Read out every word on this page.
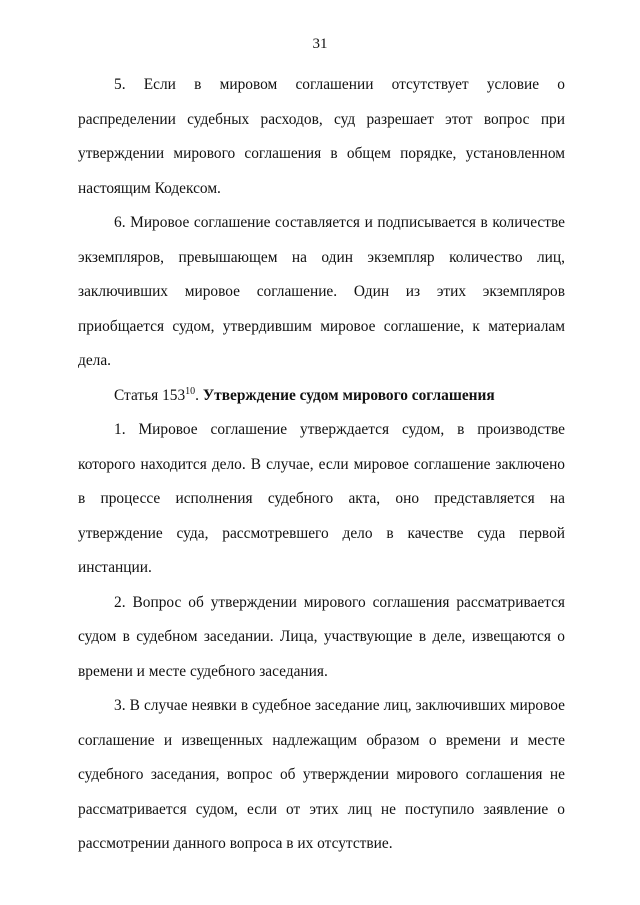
31

5. Если в мировом соглашении отсутствует условие о распределении судебных расходов, суд разрешает этот вопрос при утверждении мирового соглашения в общем порядке, установленном настоящим Кодексом.

6. Мировое соглашение составляется и подписывается в количестве экземпляров, превышающем на один экземпляр количество лиц, заключивших мировое соглашение. Один из этих экземпляров приобщается судом, утвердившим мировое соглашение, к материалам дела.

Статья $153^{10}$. Утверждение судом мирового соглашения

1. Мировое соглашение утверждается судом, в производстве которого находится дело. В случае, если мировое соглашение заключено в процессе исполнения судебного акта, оно представляется на утверждение суда, рассмотревшего дело в качестве суда первой инстанции.

2. Вопрос об утверждении мирового соглашения рассматривается судом в судебном заседании. Лица, участвующие в деле, извещаются о времени и месте судебного заседания.

3. В случае неявки в судебное заседание лиц, заключивших мировое соглашение и извещенных надлежащим образом о времени и месте судебного заседания, вопрос об утверждении мирового соглашения не рассматривается судом, если от этих лиц не поступило заявление о рассмотрении данного вопроса в их отсутствие.
